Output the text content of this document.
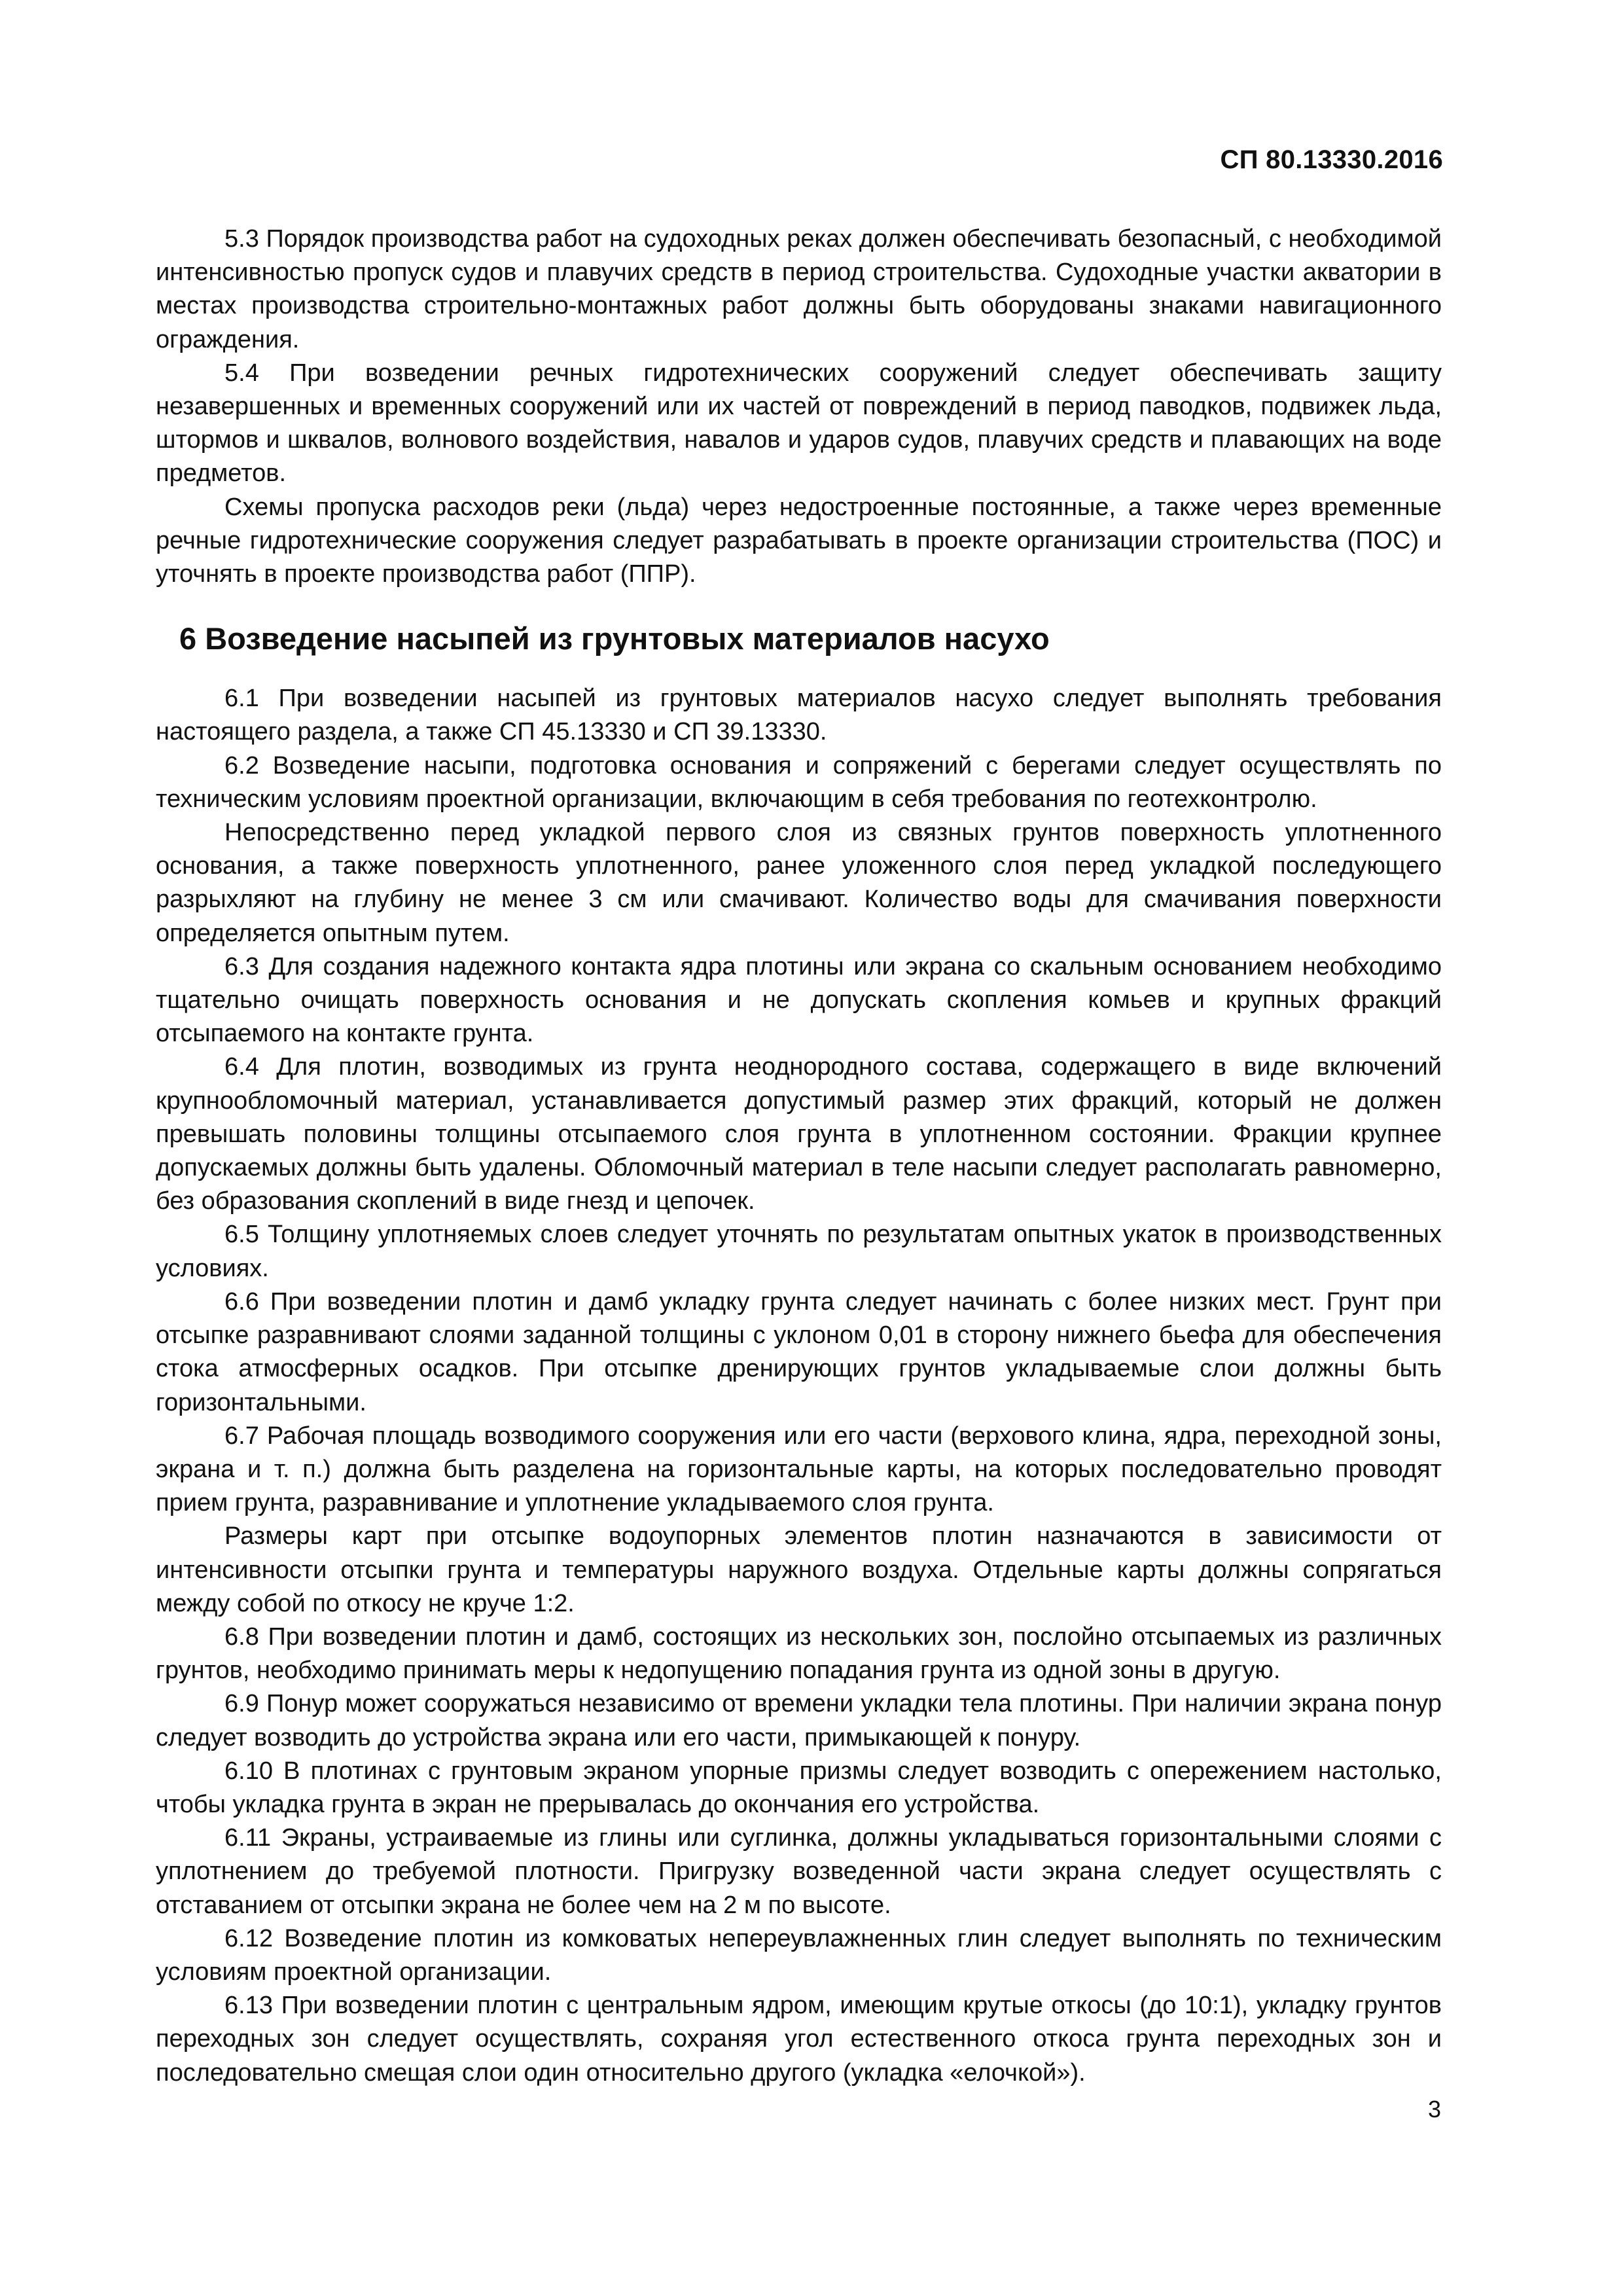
СП 80.13330.2016

5.3 Порядок производства работ на судоходных реках должен обеспечивать безопасный, с необходимой интенсивностью пропуск судов и плавучих средств в период строительства. Судоходные участки акватории в местах производства строительно-монтажных работ должны быть оборудованы знаками навигационного ограждения.

5.4 При возведении речных гидротехнических сооружений следует обеспечивать защиту незавершенных и временных сооружений или их частей от повреждений в период паводков, подвижек льда, штормов и шквалов, волнового воздействия, навалов и ударов судов, плавучих средств и плавающих на воде предметов.

Схемы пропуска расходов реки (льда) через недостроенные постоянные, а также через временные речные гидротехнические сооружения следует разрабатывать в проекте организации строительства (ПОС) и уточнять в проекте производства работ (ППР).

6 Возведение насыпей из грунтовых материалов насухо

6.1 При возведении насыпей из грунтовых материалов насухо следует выполнять требования настоящего раздела, а также СП 45.13330 и СП 39.13330.

6.2 Возведение насыпи, подготовка основания и сопряжений с берегами следует осуществлять по техническим условиям проектной организации, включающим в себя требования по геотехконтролю.

Непосредственно перед укладкой первого слоя из связных грунтов поверхность уплотненного основания, а также поверхность уплотненного, ранее уложенного слоя перед укладкой последующего разрыхляют на глубину не менее 3 см или смачивают. Количество воды для смачивания поверхности определяется опытным путем.

6.3 Для создания надежного контакта ядра плотины или экрана со скальным основанием необходимо тщательно очищать поверхность основания и не допускать скопления комьев и крупных фракций отсыпаемого на контакте грунта.

6.4 Для плотин, возводимых из грунта неоднородного состава, содержащего в виде включений крупнообломочный материал, устанавливается допустимый размер этих фракций, который не должен превышать половины толщины отсыпаемого слоя грунта в уплотненном состоянии. Фракции крупнее допускаемых должны быть удалены. Обломочный материал в теле насыпи следует располагать равномерно, без образования скоплений в виде гнезд и цепочек.

6.5 Толщину уплотняемых слоев следует уточнять по результатам опытных укаток в производственных условиях.

6.6 При возведении плотин и дамб укладку грунта следует начинать с более низких мест. Грунт при отсыпке разравнивают слоями заданной толщины с уклоном 0,01 в сторону нижнего бьефа для обеспечения стока атмосферных осадков. При отсыпке дренирующих грунтов укладываемые слои должны быть горизонтальными.

6.7 Рабочая площадь возводимого сооружения или его части (верхового клина, ядра, переходной зоны, экрана и т. п.) должна быть разделена на горизонтальные карты, на которых последовательно проводят прием грунта, разравнивание и уплотнение укладываемого слоя грунта.

Размеры карт при отсыпке водоупорных элементов плотин назначаются в зависимости от интенсивности отсыпки грунта и температуры наружного воздуха. Отдельные карты должны сопрягаться между собой по откосу не круче 1:2.

6.8 При возведении плотин и дамб, состоящих из нескольких зон, послойно отсыпаемых из различных грунтов, необходимо принимать меры к недопущению попадания грунта из одной зоны в другую.

6.9 Понур может сооружаться независимо от времени укладки тела плотины. При наличии экрана понур следует возводить до устройства экрана или его части, примыкающей к понуру.

6.10 В плотинах с грунтовым экраном упорные призмы следует возводить с опережением настолько, чтобы укладка грунта в экран не прерывалась до окончания его устройства.

6.11 Экраны, устраиваемые из глины или суглинка, должны укладываться горизонтальными слоями с уплотнением до требуемой плотности. Пригрузку возведенной части экрана следует осуществлять с отставанием от отсыпки экрана не более чем на 2 м по высоте.

6.12 Возведение плотин из комковатых непереувлажненных глин следует выполнять по техническим условиям проектной организации.

6.13 При возведении плотин с центральным ядром, имеющим крутые откосы (до 10:1), укладку грунтов переходных зон следует осуществлять, сохраняя угол естественного откоса грунта переходных зон и последовательно смещая слои один относительно другого (укладка «елочкой»).

3
